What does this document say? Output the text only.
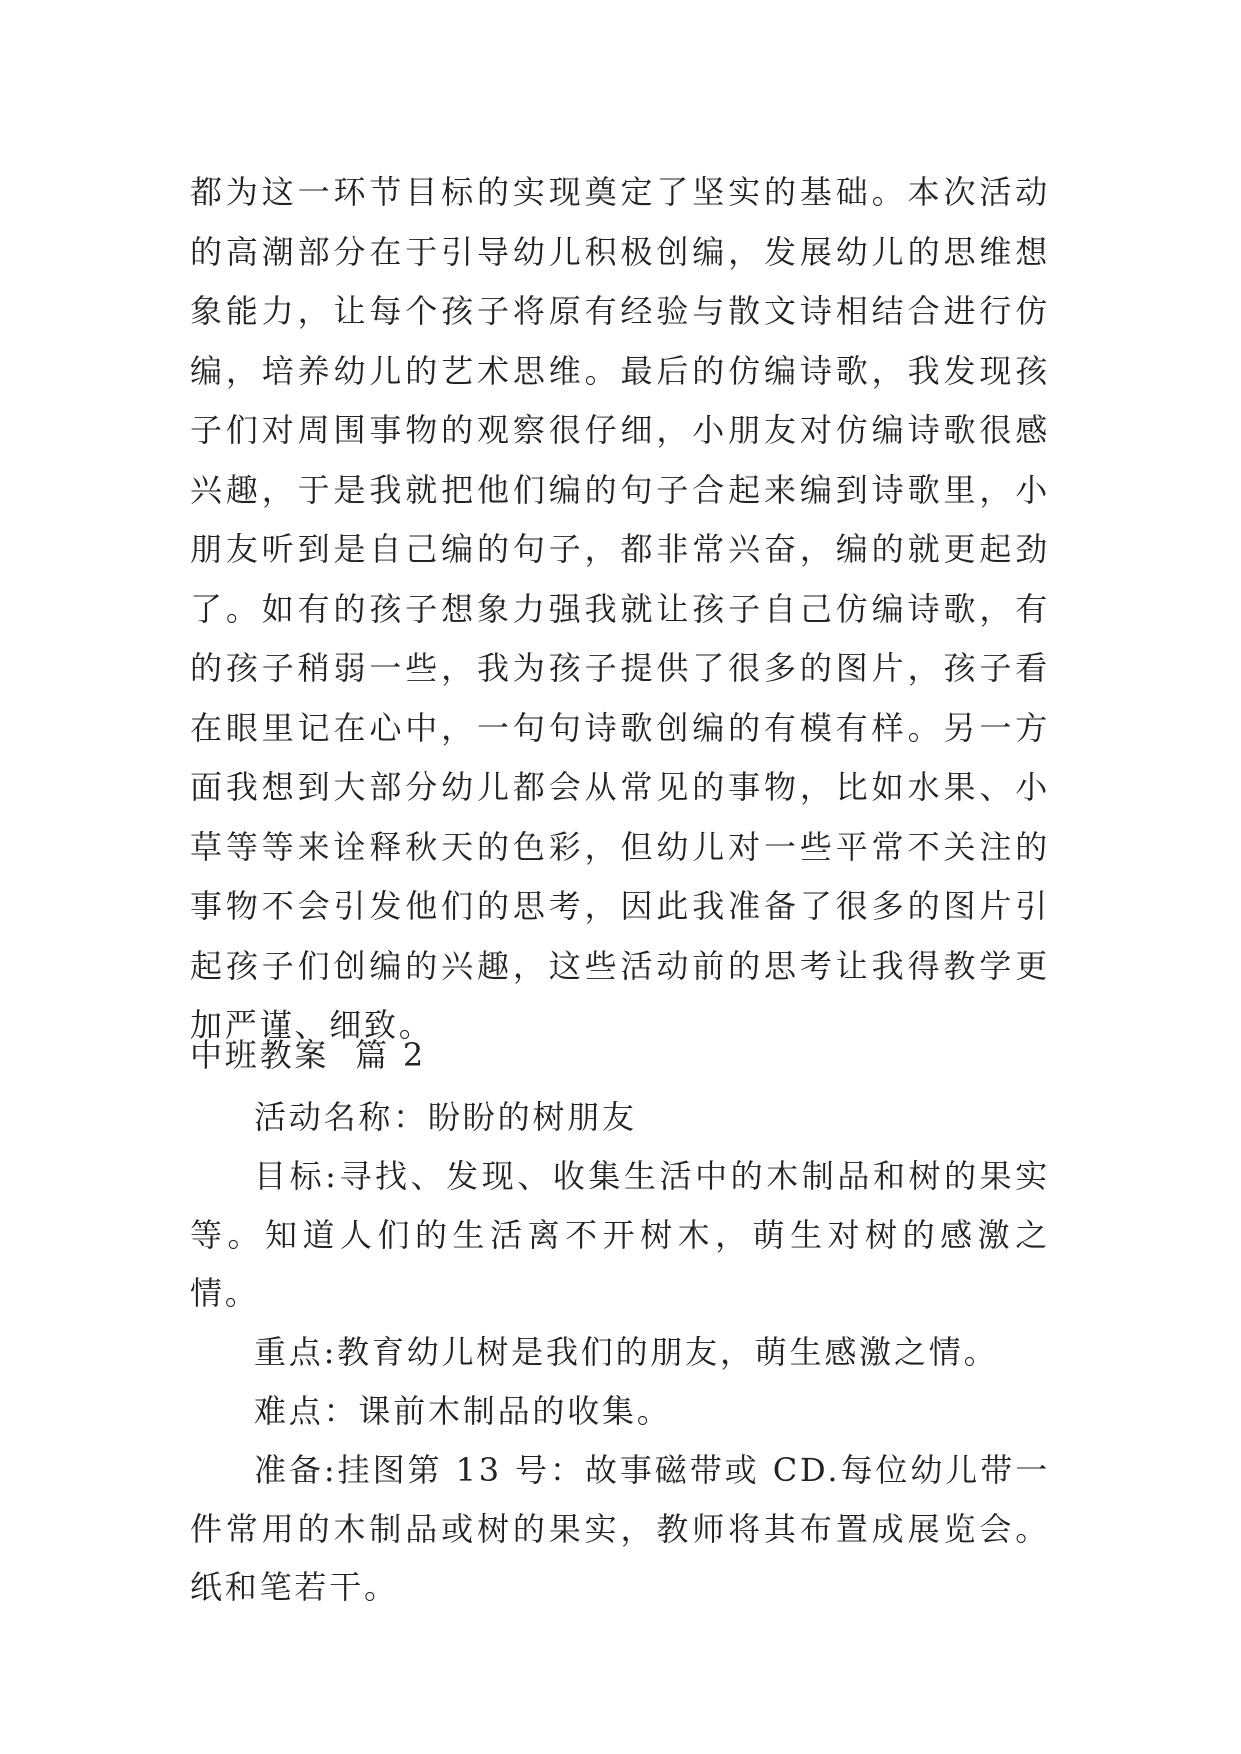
都为这一环节目标的实现奠定了坚实的基础。本次活动的高潮部分在于引导幼儿积极创编，发展幼儿的思维想象能力，让每个孩子将原有经验与散文诗相结合进行仿编，培养幼儿的艺术思维。最后的仿编诗歌，我发现孩子们对周围事物的观察很仔细，小朋友对仿编诗歌很感兴趣，于是我就把他们编的句子合起来编到诗歌里，小朋友听到是自己编的句子，都非常兴奋，编的就更起劲了。如有的孩子想象力强我就让孩子自己仿编诗歌，有的孩子稍弱一些，我为孩子提供了很多的图片，孩子看在眼里记在心中，一句句诗歌创编的有模有样。另一方面我想到大部分幼儿都会从常见的事物，比如水果、小草等等来诠释秋天的色彩，但幼儿对一些平常不关注的事物不会引发他们的思考，因此我准备了很多的图片引起孩子们创编的兴趣，这些活动前的思考让我得教学更加严谨、细致。

中班教案  篇 2

活动名称：盼盼的树朋友

目标:寻找、发现、收集生活中的木制品和树的果实等。知道人们的生活离不开树木，萌生对树的感激之情。

重点:教育幼儿树是我们的朋友，萌生感激之情。

难点：课前木制品的收集。

准备:挂图第 13 号：故事磁带或 CD.每位幼儿带一件常用的木制品或树的果实，教师将其布置成展览会。纸和笔若干。
